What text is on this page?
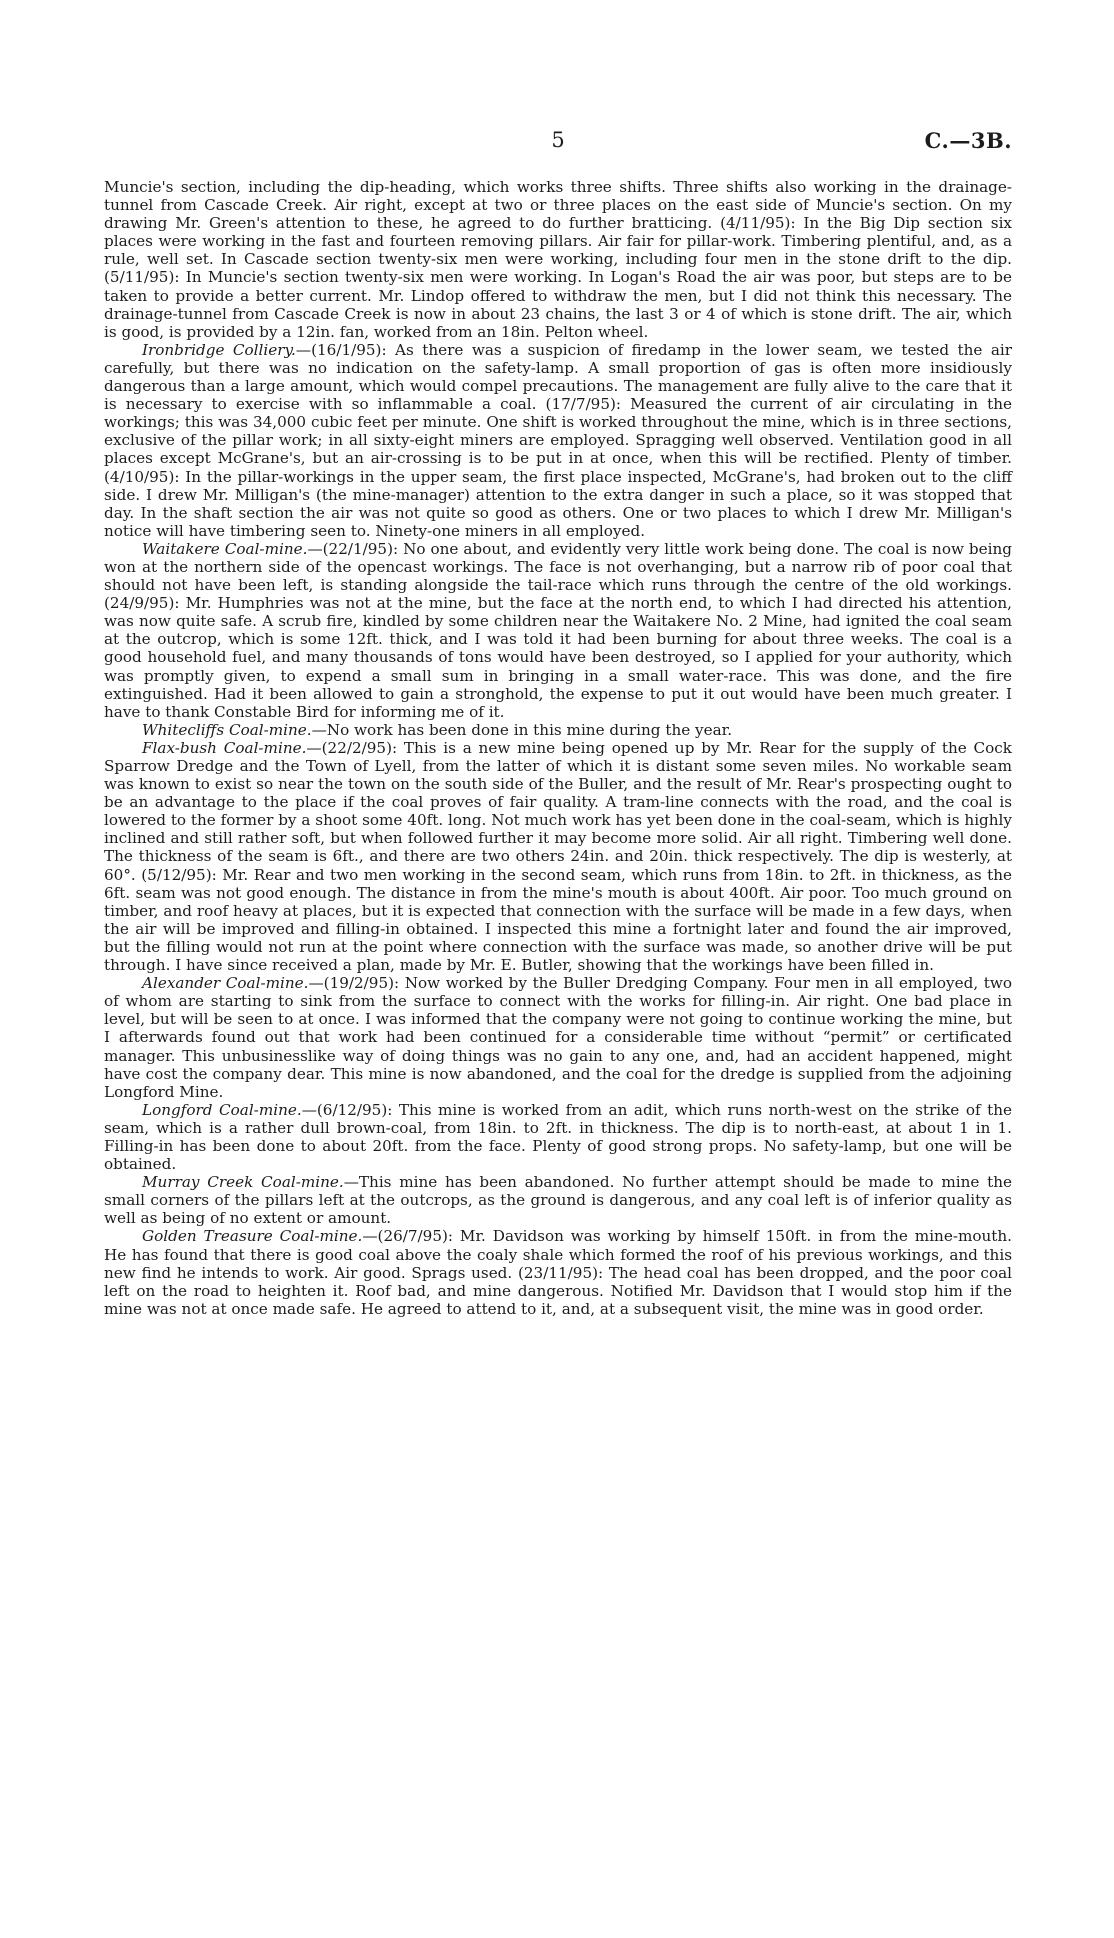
5	C.—3B.

Muncie's section, including the dip-heading, which works three shifts. Three shifts also working in the drainage-tunnel from Cascade Creek. Air right, except at two or three places on the east side of Muncie's section. On my drawing Mr. Green's attention to these, he agreed to do further bratticing. (4/11/95): In the Big Dip section six places were working in the fast and fourteen removing pillars. Air fair for pillar-work. Timbering plentiful, and, as a rule, well set. In Cascade section twenty-six men were working, including four men in the stone drift to the dip. (5/11/95): In Muncie's section twenty-six men were working. In Logan's Road the air was poor, but steps are to be taken to provide a better current. Mr. Lindop offered to withdraw the men, but I did not think this necessary. The drainage-tunnel from Cascade Creek is now in about 23 chains, the last 3 or 4 of which is stone drift. The air, which is good, is provided by a 12in. fan, worked from an 18in. Pelton wheel.

Ironbridge Colliery.—(16/1/95): As there was a suspicion of firedamp in the lower seam, we tested the air carefully, but there was no indication on the safety-lamp. A small proportion of gas is often more insidiously dangerous than a large amount, which would compel precautions. The management are fully alive to the care that it is necessary to exercise with so inflammable a coal. (17/7/95): Measured the current of air circulating in the workings; this was 34,000 cubic feet per minute. One shift is worked throughout the mine, which is in three sections, exclusive of the pillar work; in all sixty-eight miners are employed. Spragging well observed. Ventilation good in all places except McGrane's, but an air-crossing is to be put in at once, when this will be rectified. Plenty of timber. (4/10/95): In the pillar-workings in the upper seam, the first place inspected, McGrane's, had broken out to the cliff side. I drew Mr. Milligan's (the mine-manager) attention to the extra danger in such a place, so it was stopped that day. In the shaft section the air was not quite so good as others. One or two places to which I drew Mr. Milligan's notice will have timbering seen to. Ninety-one miners in all employed.

Waitakere Coal-mine.—(22/1/95): No one about, and evidently very little work being done. The coal is now being won at the northern side of the opencast workings. The face is not overhanging, but a narrow rib of poor coal that should not have been left, is standing alongside the tail-race which runs through the centre of the old workings. (24/9/95): Mr. Humphries was not at the mine, but the face at the north end, to which I had directed his attention, was now quite safe. A scrub fire, kindled by some children near the Waitakere No. 2 Mine, had ignited the coal seam at the outcrop, which is some 12ft. thick, and I was told it had been burning for about three weeks. The coal is a good household fuel, and many thousands of tons would have been destroyed, so I applied for your authority, which was promptly given, to expend a small sum in bringing in a small water-race. This was done, and the fire extinguished. Had it been allowed to gain a stronghold, the expense to put it out would have been much greater. I have to thank Constable Bird for informing me of it.

Whitecliffs Coal-mine.—No work has been done in this mine during the year.

Flax-bush Coal-mine.—(22/2/95): This is a new mine being opened up by Mr. Rear for the supply of the Cock Sparrow Dredge and the Town of Lyell, from the latter of which it is distant some seven miles. No workable seam was known to exist so near the town on the south side of the Buller, and the result of Mr. Rear's prospecting ought to be an advantage to the place if the coal proves of fair quality. A tram-line connects with the road, and the coal is lowered to the former by a shoot some 40ft. long. Not much work has yet been done in the coal-seam, which is highly inclined and still rather soft, but when followed further it may become more solid. Air all right. Timbering well done. The thickness of the seam is 6ft., and there are two others 24in. and 20in. thick respectively. The dip is westerly, at 60°. (5/12/95): Mr. Rear and two men working in the second seam, which runs from 18in. to 2ft. in thickness, as the 6ft. seam was not good enough. The distance in from the mine's mouth is about 400ft. Air poor. Too much ground on timber, and roof heavy at places, but it is expected that connection with the surface will be made in a few days, when the air will be improved and filling-in obtained. I inspected this mine a fortnight later and found the air improved, but the filling would not run at the point where connection with the surface was made, so another drive will be put through. I have since received a plan, made by Mr. E. Butler, showing that the workings have been filled in.

Alexander Coal-mine.—(19/2/95): Now worked by the Buller Dredging Company. Four men in all employed, two of whom are starting to sink from the surface to connect with the works for filling-in. Air right. One bad place in level, but will be seen to at once. I was informed that the company were not going to continue working the mine, but I afterwards found out that work had been continued for a considerable time without “permit” or certificated manager. This unbusinesslike way of doing things was no gain to any one, and, had an accident happened, might have cost the company dear. This mine is now abandoned, and the coal for the dredge is supplied from the adjoining Longford Mine.

Longford Coal-mine.—(6/12/95): This mine is worked from an adit, which runs north-west on the strike of the seam, which is a rather dull brown-coal, from 18in. to 2ft. in thickness. The dip is to north-east, at about 1 in 1. Filling-in has been done to about 20ft. from the face. Plenty of good strong props. No safety-lamp, but one will be obtained.

Murray Creek Coal-mine.—This mine has been abandoned. No further attempt should be made to mine the small corners of the pillars left at the outcrops, as the ground is dangerous, and any coal left is of inferior quality as well as being of no extent or amount.

Golden Treasure Coal-mine.—(26/7/95): Mr. Davidson was working by himself 150ft. in from the mine-mouth. He has found that there is good coal above the coaly shale which formed the roof of his previous workings, and this new find he intends to work. Air good. Sprags used. (23/11/95): The head coal has been dropped, and the poor coal left on the road to heighten it. Roof bad, and mine dangerous. Notified Mr. Davidson that I would stop him if the mine was not at once made safe. He agreed to attend to it, and, at a subsequent visit, the mine was in good order.
